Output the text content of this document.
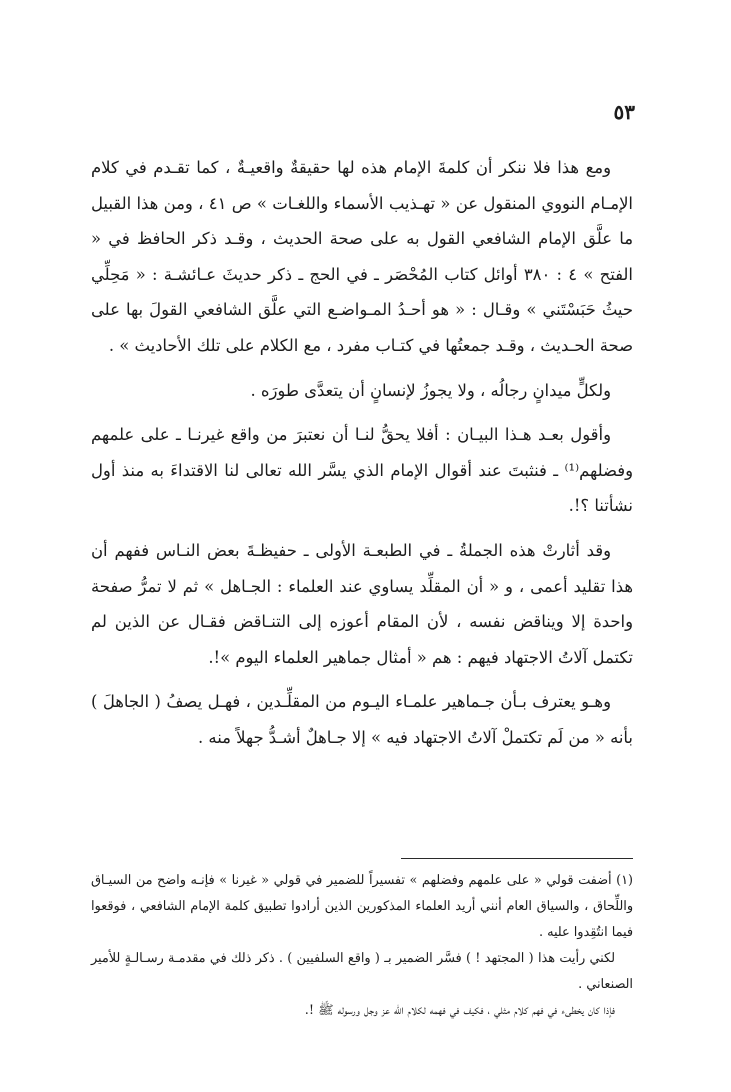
٥٣

ومع هذا فلا ننكر أن كلمةَ الإمام هذه لها حقيقةٌ واقعيـةٌ ، كما تقـدم في كلام الإمـام النووي المنقول عن « تهـذيب الأسماء واللغـات » ص ٤١ ، ومن هذا القبيل ما علَّق الإمام الشافعي القول به على صحة الحديث ، وقـد ذكر الحافظ في « الفتح » ٤ : ٣٨٠ أوائل كتاب المُحْصَر ـ في الحج ـ ذكر حديثَ عـائشـة : « مَحِلِّي حيثُ حَبَسْتَني » وقـال : « هو أحـدُ المـواضـع التي علَّق الشافعي القولَ بها على صحة الحـديث ، وقـد جمعتُها في كتـاب مفرد ، مع الكلام على تلك الأحاديث » .

ولكلٍّ ميدانٍ رجالُه ، ولا يجوزُ لإنسانٍ أن يتعدَّى طورَه .

وأقول بعـد هـذا البيـان : أفلا يحقُّ لنـا أن نعتبرَ من واقع غيرنـا ـ على علمهم وفضلهم⁽¹⁾ ـ فنثبتَ عند أقوال الإمام الذي يسَّر الله تعالى لنا الاقتداءَ به منذ أول نشأتنا ؟!.

وقد أثارتْ هذه الجملةُ ـ في الطبعـة الأولى ـ حفيظـةَ بعض النـاس ففهم أن هذا تقليد أعمى ، و « أن المقلِّد يساوي عند العلماء : الجـاهل » ثم لا تمرُّ صفحة واحدة إلا ويناقض نفسه ، لأن المقام أعوزه إلى التنـاقض فقـال عن الذين لم تكتمل آلاتُ الاجتهاد فيهم : هم « أمثال جماهير العلماء اليوم »!.

وهـو يعترف بـأن جـماهير علمـاء اليـوم من المقلِّـدين ، فهـل يصفُ ( الجاهلَ ) بأنه « من لَم تكتملْ آلاتُ الاجتهاد فيه » إلا جـاهلٌ أشـدُّ جهلاً منه .

(١) أضفت قولي « على علمهم وفضلهم » تفسيراً للضمير في قولي « غيرنا » فإنـه واضح من السيـاق واللِّحاق ، والسياق العام أنني أريد العلماء المذكورين الذين أرادوا تطبيق كلمة الإمام الشافعي ، فوقعوا فيما انتُقِدوا عليه .

لكني رأيت هذا ( المجتهد ! ) فسَّر الضمير بـ ( واقع السلفيين ) . ذكر ذلك في مقدمـة رسـالـةٍ للأمير الصنعاني .

فإذا كان يخطىء في فهم كلام مثلي ، فكيف في فهمه لكلام الله عز وجل ورسوله ﷺ !.
